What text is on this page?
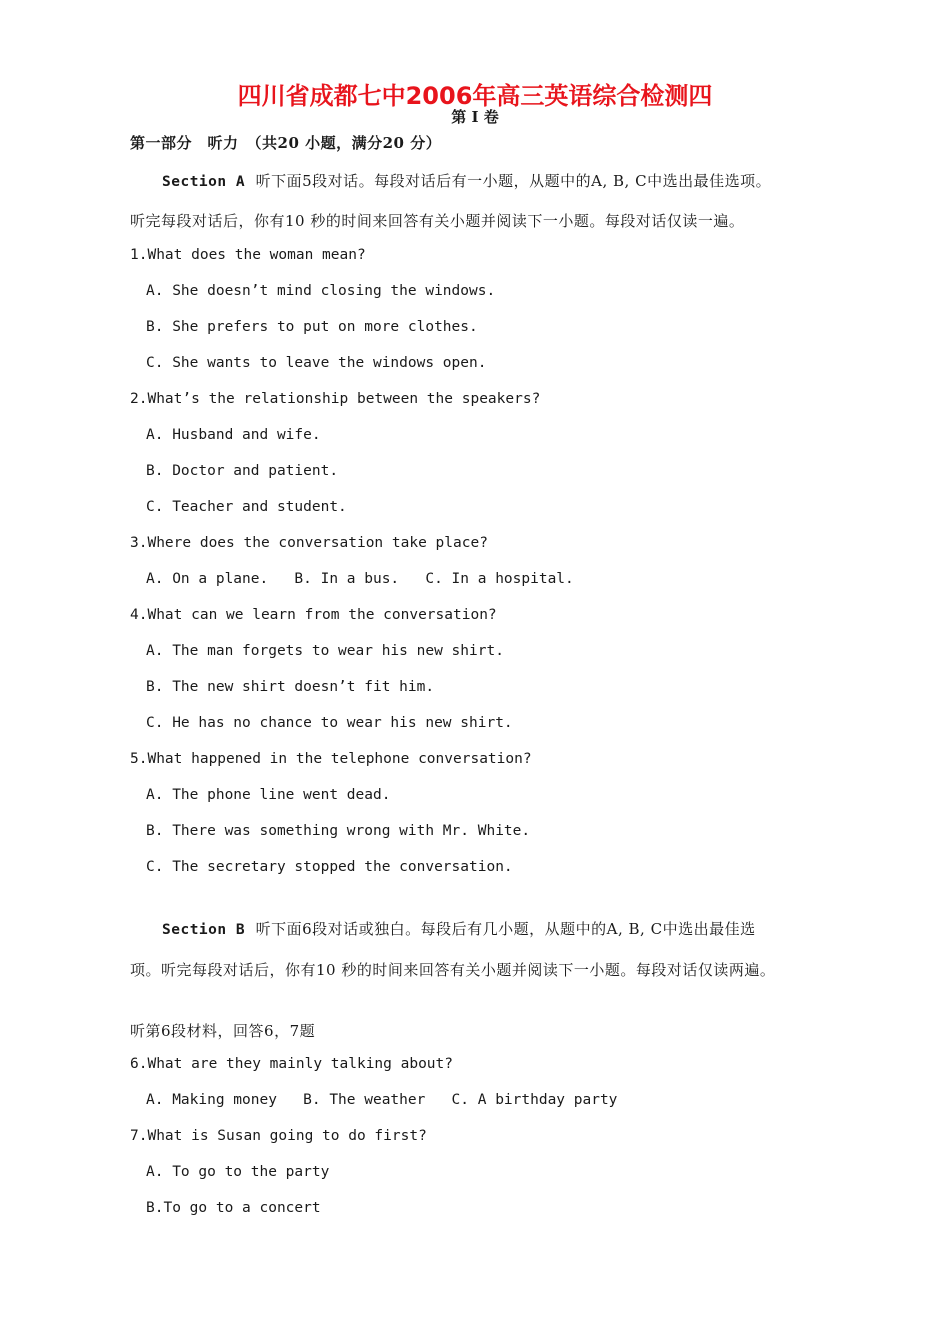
四川省成都七中2006年高三英语综合检测四
第 I 卷
第一部分　听力　（共20 小题，满分20 分）
Section A 听下面5段对话。每段对话后有一小题，从题中的A, B, C中选出最佳选项。
听完每段对话后，你有10 秒的时间来回答有关小题并阅读下一小题。每段对话仅读一遍。
1.What does the woman mean?
A. She doesn’t mind closing the windows.
B. She prefers to put on more clothes.
C. She wants to leave the windows open.
2.What’s the relationship between the speakers?
A. Husband and wife.
B. Doctor and patient.
C. Teacher and student.
3.Where does the conversation take place?
A. On a plane.   B. In a bus.   C. In a hospital.
4.What can we learn from the conversation?
A. The man forgets to wear his new shirt.
B. The new shirt doesn’t fit him.
C. He has no chance to wear his new shirt.
5.What happened in the telephone conversation?
A. The phone line went dead.
B. There was something wrong with Mr. White.
C. The secretary stopped the conversation.
Section B 听下面6段对话或独白。每段后有几小题，从题中的A, B, C中选出最佳选
项。听完每段对话后，你有10 秒的时间来回答有关小题并阅读下一小题。每段对话仅读两遍。
听第6段材料，回答6，7题
6.What are they mainly talking about?
A. Making money   B. The weather   C. A birthday party
7.What is Susan going to do first?
A. To go to the party
B.To go to a concert
